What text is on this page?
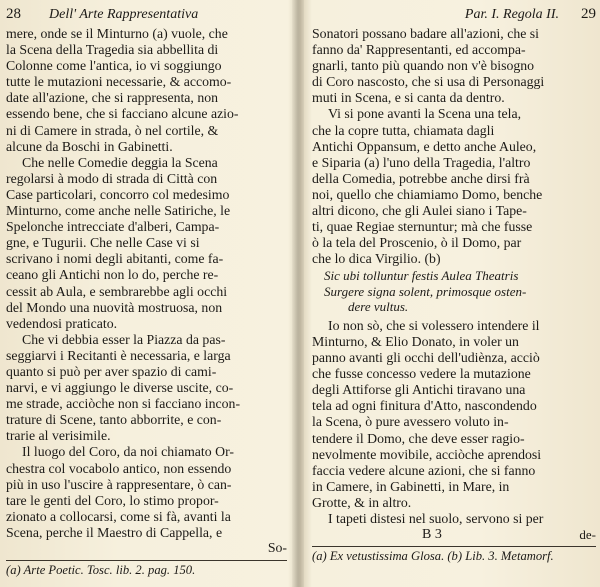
28	Dell' Arte Rappresentativa
mere, onde se il Minturno (a) vuole, che
la Scena della Tragedia sia abbellita di
Colonne come l'antica, io vi soggiungo
tutte le mutazioni necessarie, & accomo-
date all'azione, che si rappresenta, non
essendo bene, che si facciano alcune azio-
ni di Camere in strada, ò nel cortile, &
alcune da Boschi in Gabinetti.
Che nelle Comedie deggia la Scena
regolarsi à modo di strada di Città con
Case particolari, concorro col medesimo
Minturno, come anche nelle Satiriche, le
Spelonche intrecciate d'alberi, Campa-
gne, e Tugurii. Che nelle Case vi si
scrivano i nomi degli abitanti, come fa-
ceano gli Antichi non lo do, perche re-
cessit ab Aula, e sembrarebbe agli occhi
del Mondo una nuovità mostruosa, non
vedendosi praticato.
Che vi debbia esser la Piazza da pas-
seggiarvi i Recitanti è necessaria, e larga
quanto si può per aver spazio di cami-
narvi, e vi aggiungo le diverse uscite, co-
me strade, acciòche non si facciano incon-
trature di Scene, tanto abborrite, e con-
trarie al verisimile.
Il luogo del Coro, da noi chiamato Or-
chestra col vocabolo antico, non essendo
più in uso l'uscire à rappresentare, ò can-
tare le genti del Coro, lo stimo propor-
zionato a collocarsi, come si fà, avanti la
Scena, perche il Maestro di Cappella, e
So-
(a) Arte Poetic. Tosc. lib. 2. pag. 150.
Par. I. Regola II.	29
Sonatori possano badare all'azioni, che si
fanno da' Rappresentanti, ed accompa-
gnarli, tanto più quando non v'è bisogno
di Coro nascosto, che si usa di Personaggi
muti in Scena, e si canta da dentro.
Vi si pone avanti la Scena una tela,
che la copre tutta, chiamata dagli
Antichi Oppansum, e detto anche Auleo,
e Siparia (a) l'uno della Tragedia, l'altro
della Comedia, potrebbe anche dirsi frà
noi, quello che chiamiamo Domo, benche
altri dicono, che gli Aulei siano i Tape-
ti, quae Regiae sternuntur; mà che fusse
ò la tela del Proscenio, ò il Domo, par
che lo dica Virgilio. (b)
Sic ubi tolluntur festis Aulea Theatris
Surgere signa solent, primosque osten-
dere vultus.
Io non sò, che si volessero intendere il
Minturno, & Elio Donato, in voler un
panno avanti gli occhi dell'udiènza, acciò
che fusse concesso vedere la mutazione
degli Attiforse gli Antichi tiravano una
tela ad ogni finitura d'Atto, nascondendo
la Scena, ò pure avessero voluto in-
tendere il Domo, che deve esser ragio-
nevolmente movibile, acciòche aprendosi
faccia vedere alcune azioni, che si fanno
in Camere, in Gabinetti, in Mare, in
Grotte, & in altro.
I tapeti distesi nel suolo, servono si per
B 3	de-
(a) Ex vetustissima Glosa. (b) Lib. 3. Metamorf.
